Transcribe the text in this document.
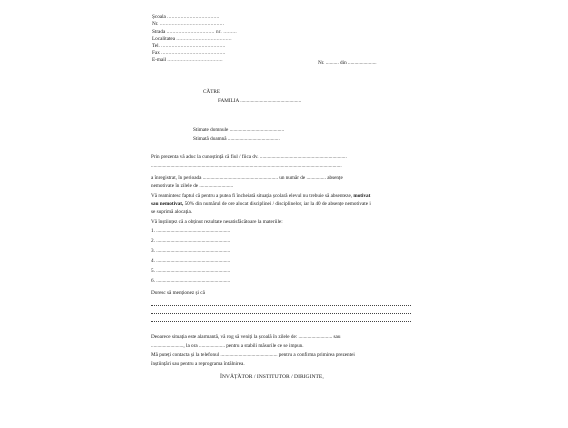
Școala ...................................
Nr. ...........................................
Strada ................................ nr. .........
Localitatea .....................................
Tel. ...........................................
Fax ...........................................
E-mail .....................................	Nr. .......... din ......................
CĂTRE
FAMILIA ...............................................
Stimate domnule ..........................................
Stimată doamnă ........................................
Prin prezenta vă aduc la cunoștință că fiul / fiica dv. ...................................................................
...................................................................................................................................................
a înregistrat, în perioada .......................................................... un număr de ............... absențe
nemotivate în zilele de ..........................
Vă reamintesc faptul că pentru a putea fi încheiată situația școlară elevul nu trebuie să absenteze, motivat
sau nemotivat, 50% din numărul de ore alocat disciplinei / disciplinelor, iar la 40 de absențe nemotivate i
se suprimă alocația.
Vă înștiințez că a obținut rezultate nesatisfăcătoare la materiile:
1. .........................................................
2. .........................................................
3. .........................................................
4. .........................................................
5. .........................................................
6. .........................................................
Doresc să menționez și că
Deoarece situația este alarmantă, vă rog să veniți la școală în zilele de: .......................... sau
........................., la ora .................... pentru a stabili măsurile ce se impun.
Mă puteți contacta și la telefonul ............................................ pentru a confirma primirea prezentei
înștiințări sau pentru a reprograma întâlnirea.
ÎNVĂȚĂTOR / INSTITUTOR / DIRIGINTE,
